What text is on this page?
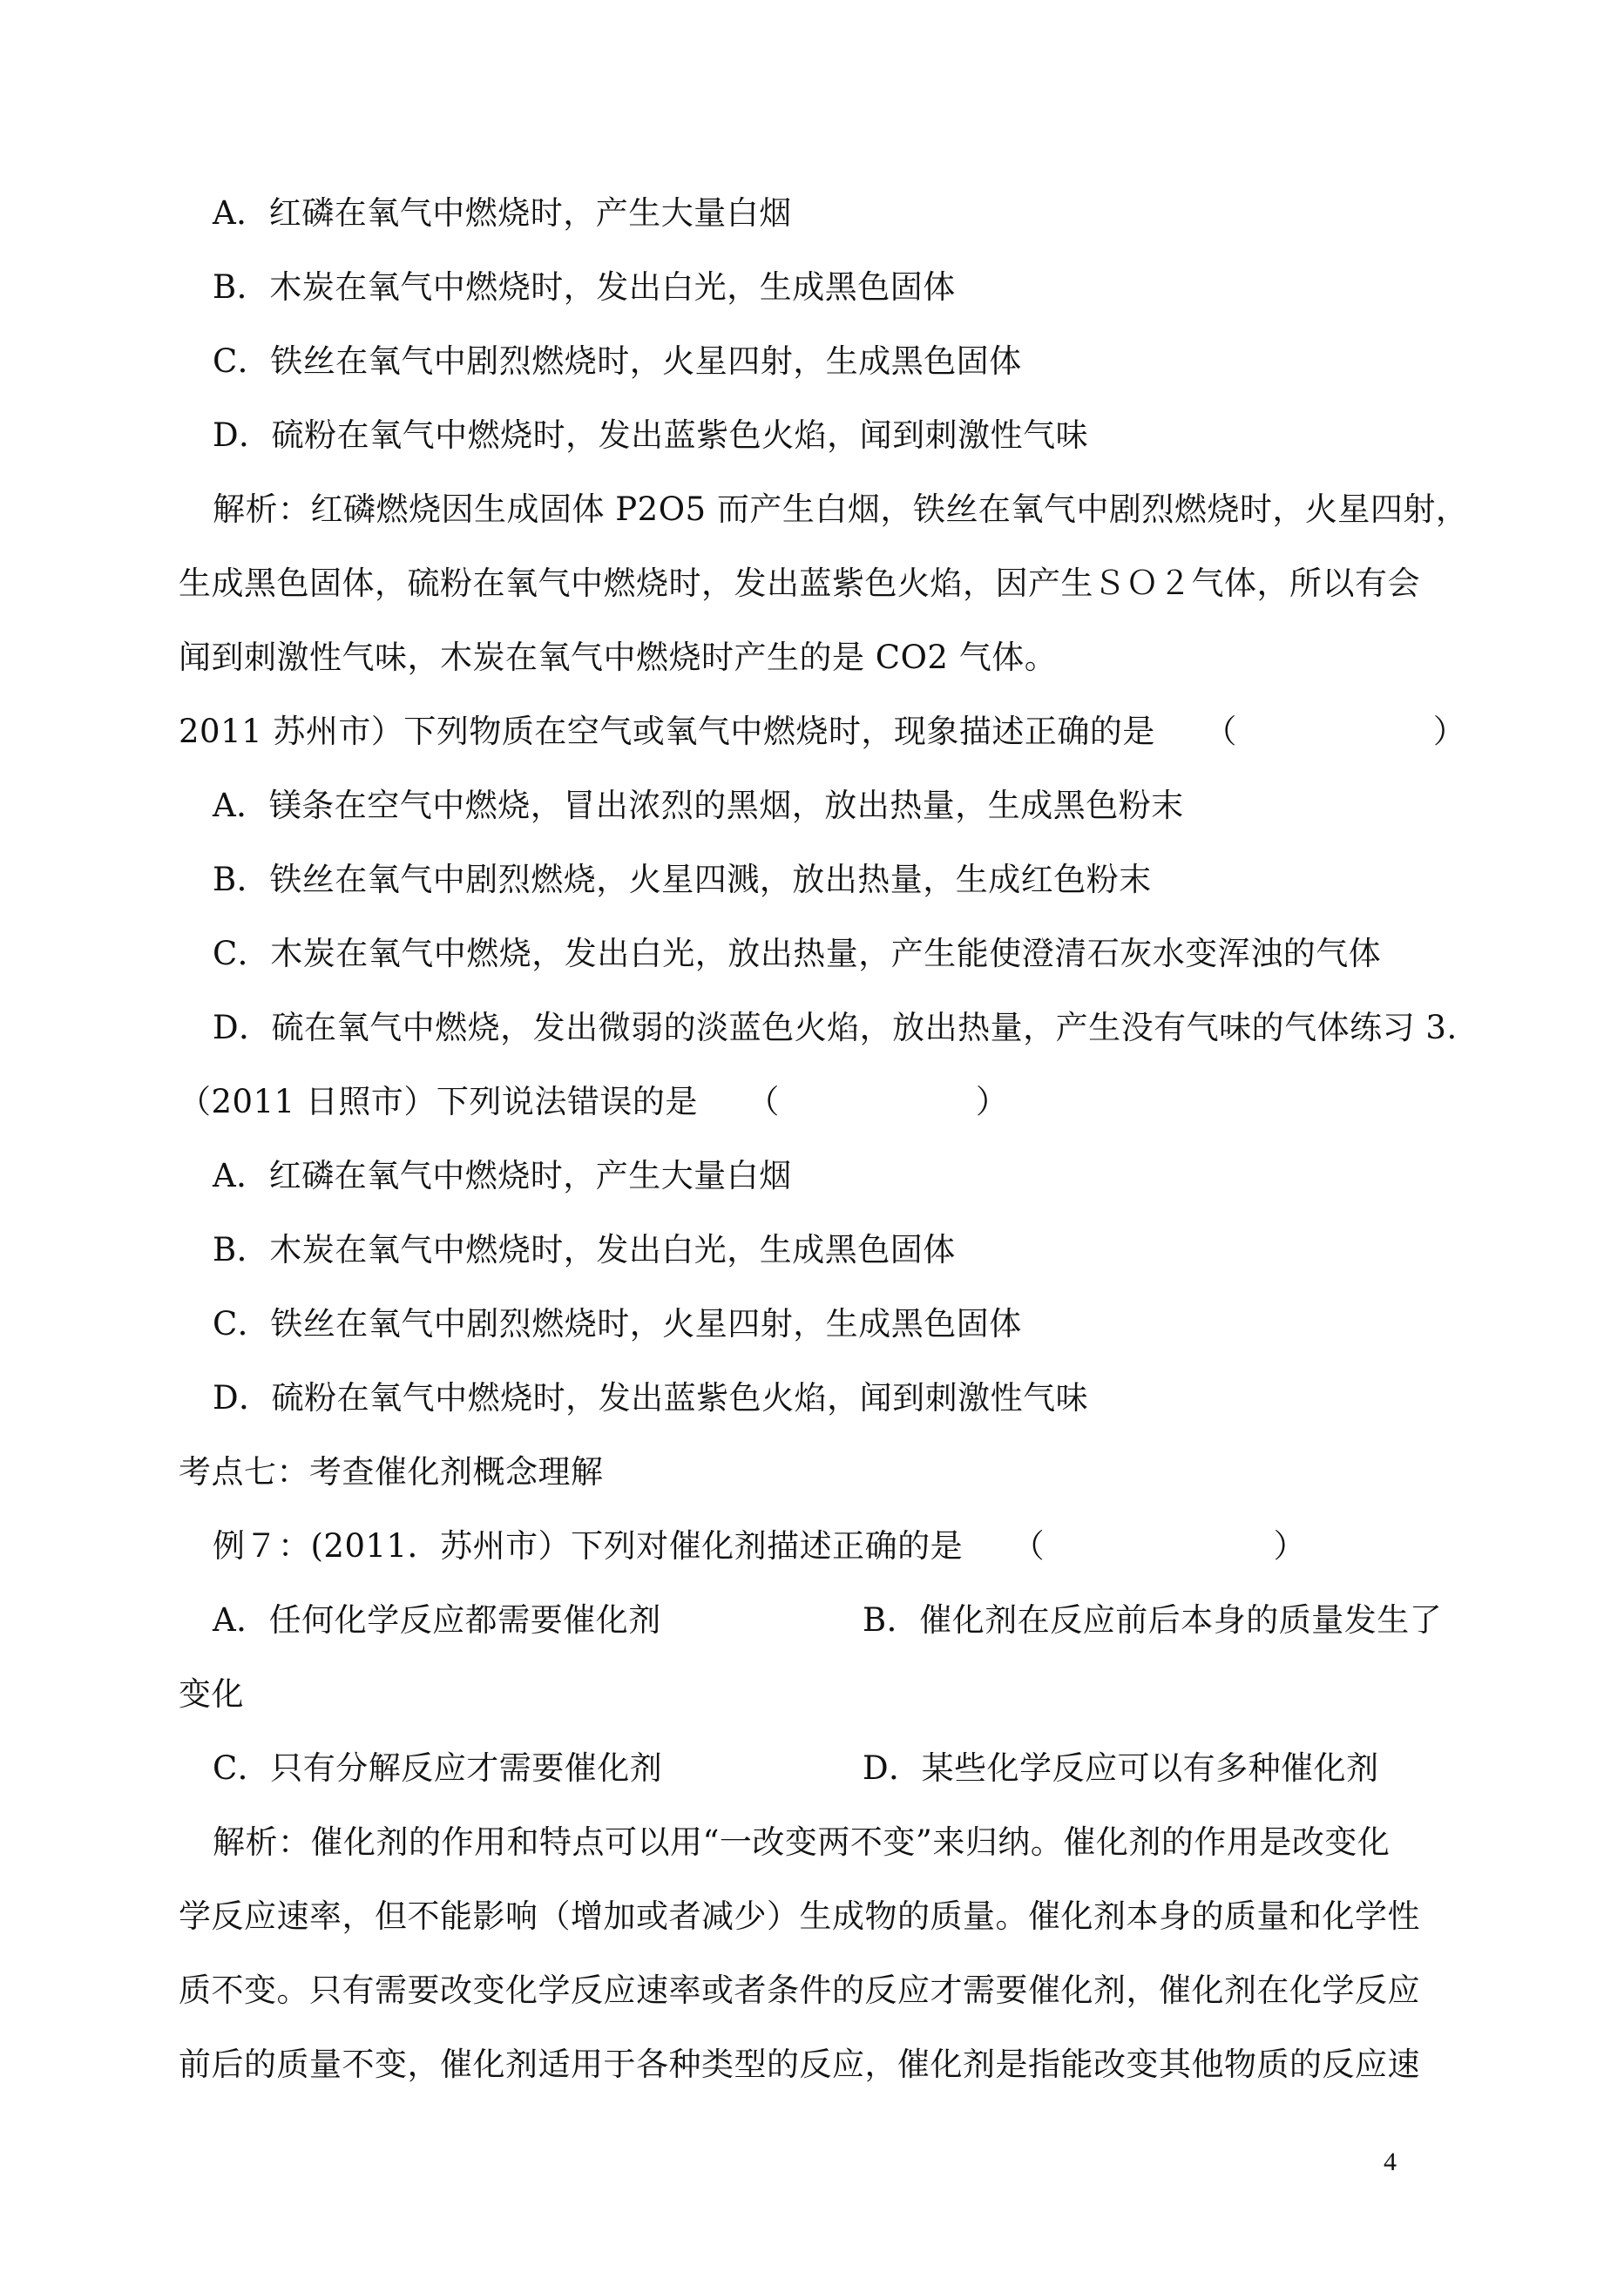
A．红磷在氧气中燃烧时，产生大量白烟
B．木炭在氧气中燃烧时，发出白光，生成黑色固体
C．铁丝在氧气中剧烈燃烧时，火星四射，生成黑色固体
D．硫粉在氧气中燃烧时，发出蓝紫色火焰，闻到刺激性气味
解析：红磷燃烧因生成固体 P2O5 而产生白烟，铁丝在氧气中剧烈燃烧时，火星四射，
生成黑色固体，硫粉在氧气中燃烧时，发出蓝紫色火焰，因产生ＳＯ２气体，所以有会
闻到刺激性气味，木炭在氧气中燃烧时产生的是 CO2 气体。
2011 苏州市）下列物质在空气或氧气中燃烧时，现象描述正确的是　　（　　　　　　）
A．镁条在空气中燃烧，冒出浓烈的黑烟，放出热量，生成黑色粉末
B．铁丝在氧气中剧烈燃烧，火星四溅，放出热量，生成红色粉末
C．木炭在氧气中燃烧，发出白光，放出热量，产生能使澄清石灰水变浑浊的气体
D．硫在氧气中燃烧，发出微弱的淡蓝色火焰，放出热量，产生没有气味的气体练习 3.
（2011 日照市）下列说法错误的是　　（　　　　　　）
A．红磷在氧气中燃烧时，产生大量白烟
B．木炭在氧气中燃烧时，发出白光，生成黑色固体
C．铁丝在氧气中剧烈燃烧时，火星四射，生成黑色固体
D．硫粉在氧气中燃烧时，发出蓝紫色火焰，闻到刺激性气味
考点七：考查催化剂概念理解
例７：(2011．苏州市）下列对催化剂描述正确的是　　（　　　　　　　）
A．任何化学反应都需要催化剂	B．催化剂在反应前后本身的质量发生了
变化
C．只有分解反应才需要催化剂	D．某些化学反应可以有多种催化剂
解析：催化剂的作用和特点可以用“一改变两不变”来归纳。催化剂的作用是改变化
学反应速率，但不能影响（增加或者减少）生成物的质量。催化剂本身的质量和化学性
质不变。只有需要改变化学反应速率或者条件的反应才需要催化剂，催化剂在化学反应
前后的质量不变，催化剂适用于各种类型的反应，催化剂是指能改变其他物质的反应速
4
